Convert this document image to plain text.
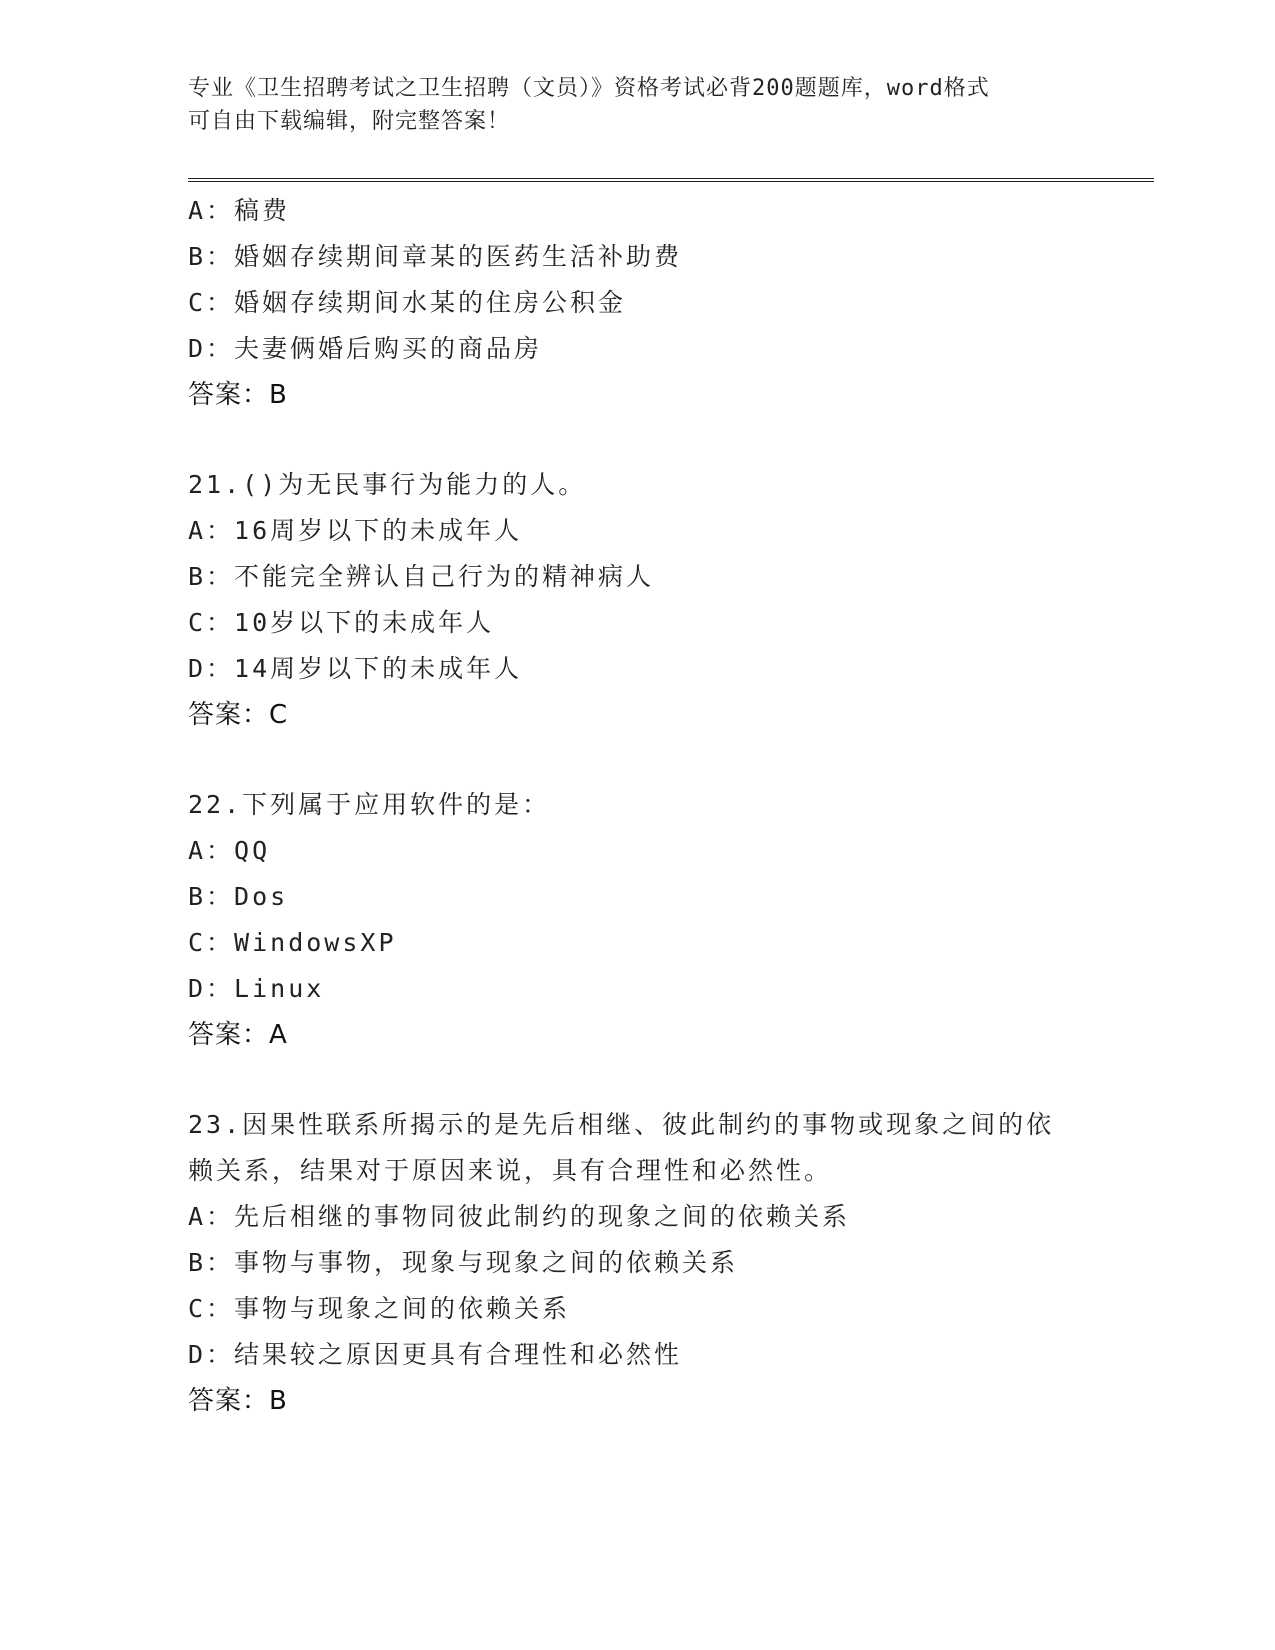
专业《卫生招聘考试之卫生招聘（文员）》资格考试必背200题题库，word格式
可自由下载编辑，附完整答案！
A：稿费
B：婚姻存续期间章某的医药生活补助费
C：婚姻存续期间水某的住房公积金
D：夫妻俩婚后购买的商品房
答案：B
21.()为无民事行为能力的人。
A：16周岁以下的未成年人
B：不能完全辨认自己行为的精神病人
C：10岁以下的未成年人
D：14周岁以下的未成年人
答案：C
22.下列属于应用软件的是：
A：QQ
B：Dos
C：WindowsXP
D：Linux
答案：A
23.因果性联系所揭示的是先后相继、彼此制约的事物或现象之间的依
赖关系，结果对于原因来说，具有合理性和必然性。
A：先后相继的事物同彼此制约的现象之间的依赖关系
B：事物与事物，现象与现象之间的依赖关系
C：事物与现象之间的依赖关系
D：结果较之原因更具有合理性和必然性
答案：B
